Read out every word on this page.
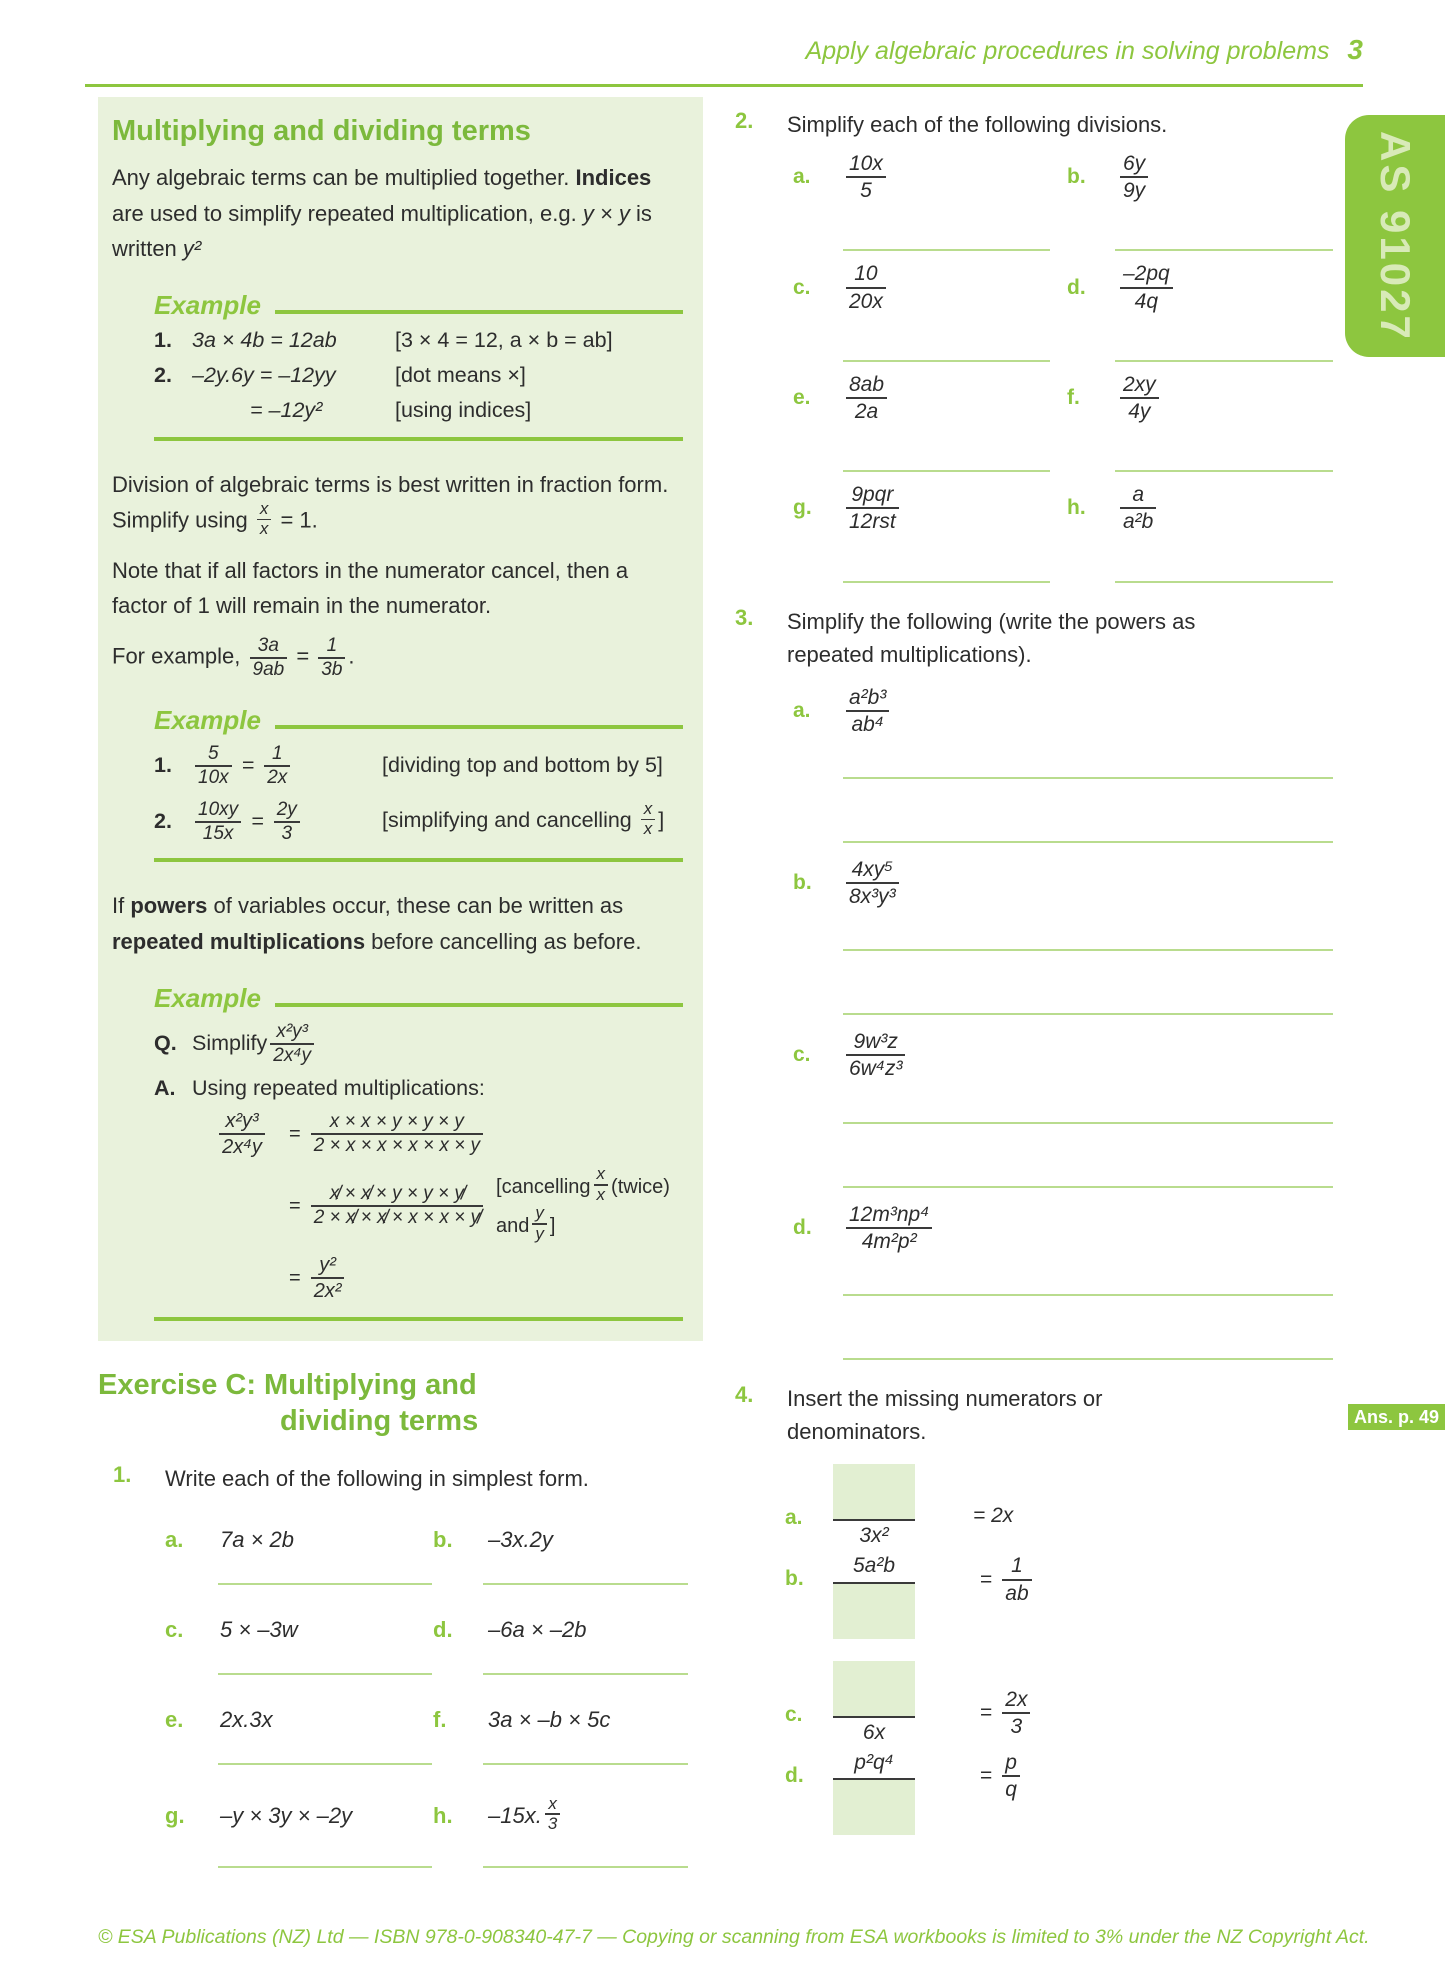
Apply algebraic procedures in solving problems 3
AS 91027
Ans. p. 49
Multiplying and dividing terms
Any algebraic terms can be multiplied together. Indices are used to simplify repeated multiplication, e.g. y × y is written y²
Example
1. 3a × 4b = 12ab	[3 × 4 = 12, a × b = ab]
2. –2y.6y = –12yy	[dot means ×]
= –12y²	[using indices]
Division of algebraic terms is best written in fraction form. Simplify using $\frac{x}{x} = 1$.
Note that if all factors in the numerator cancel, then a factor of 1 will remain in the numerator.
For example, $\frac{3a}{9ab} = \frac{1}{3b}$ .
Example
1.	$\frac{5}{10x} = \frac{1}{2x}$	[dividing top and bottom by 5]
2.	$\frac{10xy}{15x} = \frac{2y}{3}$	[simplifying and cancelling $\frac{x}{x}$ ]
If powers of variables occur, these can be written as repeated multiplications before cancelling as before.
Example
Q. Simplify $\frac{\text{x²y³}}{\text{2x⁴y}}$
A. Using repeated multiplications:
$\frac{\text{x²y³}}{\text{2x⁴y}} = \frac{x \times x \times y \times y \times y}{2 \times x \times x \times x \times x \times y}$
= $\frac{x̸ \times x̸ \times y \times y \times y̸}{2 \times x̸ \times x̸ \times x \times x \times y̸}$ [cancelling $\frac{x}{x}$ (twice)
and $\frac{y}{y}$ ]
= $\frac{\text{y²}}{\text{2x²}}$
Exercise C: Multiplying and
dividing terms
1.	Write each of the following in simplest form.
a.	7a × 2b	b.	–3x.2y
c.	5 × –3w	d.	–6a × –2b
e.	2x.3x	f.	3a × –b × 5c
g.	–y × 3y × –2y	h.	–15x. $\frac{x}{3}$
2.	Simplify each of the following divisions.
a.	$\frac{10x}{5}$	b.	$\frac{6y}{9y}$
c.	$\frac{10}{20x}$	d.	$\frac{-2pq}{4q}$
e.	$\frac{8ab}{2a}$	f.	$\frac{2xy}{4y}$
g.	$\frac{\text{9pqr}}{\text{12rst}}$	h.	$\frac{a}{\text{a²b}}$
3.	Simplify the following (write the powers as repeated multiplications).
a.	$\frac{\text{a²b³}}{\text{ab⁴}}$
b.	$\frac{\text{4xy⁵}}{\text{8x³y³}}$
c.	$\frac{\text{9w³z}}{\text{6w⁴z³}}$
d.	$\frac{\text{12m³np⁴}}{\text{4m²p²}}$
4.	Insert the missing numerators or denominators.
a.
3x²
= 2x
b.
5a²b
= $\frac{1}{ab}$
c.
6x
= $\frac{2x}{3}$
d.
p²q⁴
= $\frac{p}{q}$
© ESA Publications (NZ) Ltd — ISBN 978-0-908340-47-7 — Copying or scanning from ESA workbooks is limited to 3% under the NZ Copyright Act.
